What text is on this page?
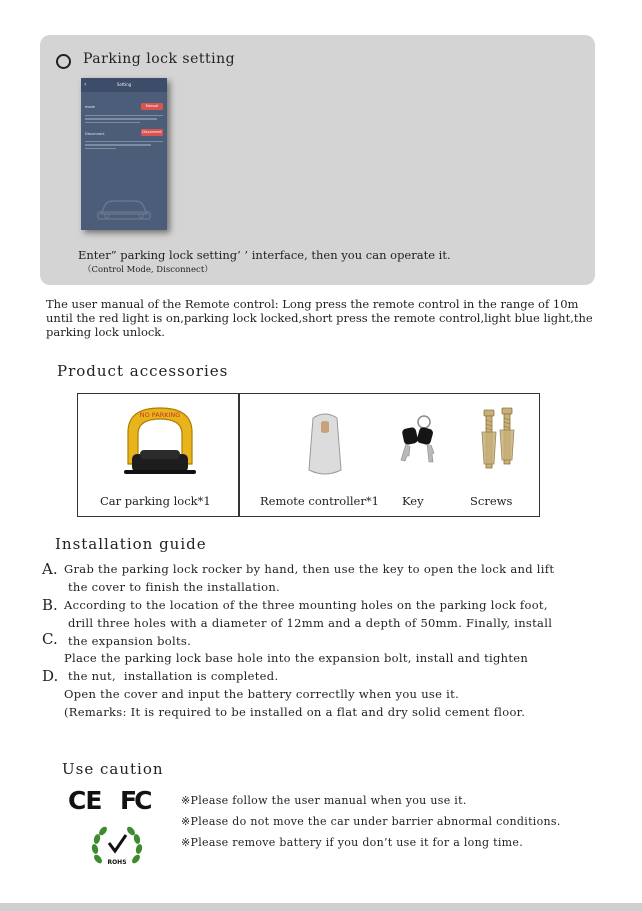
Parking lock setting
Setting
‹
mode	Manual
Disconnect	Disconnect
Enter” parking lock setting’ ’ interface, then you can operate it.
（Control Mode, Disconnect）
The user manual of the Remote control: Long press the remote control in the range of 10m until the red light is on,parking lock locked,short press the remote control,light blue light,the parking lock unlock.
Product accessories
NO PARKING
Car parking lock*1	Remote controller*1 Key	Screws
Installation guide
A.
B.
C.
D.
Grab the parking lock rocker by hand, then use the key to open the lock and lift
the cover to finish the installation.
According to the location of the three mounting holes on the parking lock foot,
drill three holes with a diameter of 12mm and a depth of 50mm. Finally, install
the expansion bolts.
Place the parking lock base hole into the expansion bolt, install and tighten
the nut,  installation is completed.
Open the cover and input the battery correctlly when you use it.
(Remarks: It is required to be installed on a flat and dry solid cement floor.
Use caution
CE FC
ROHS
※Please follow the user manual when you use it.
※Please do not move the car under barrier abnormal conditions.
※Please remove battery if you don’t use it for a long time.
